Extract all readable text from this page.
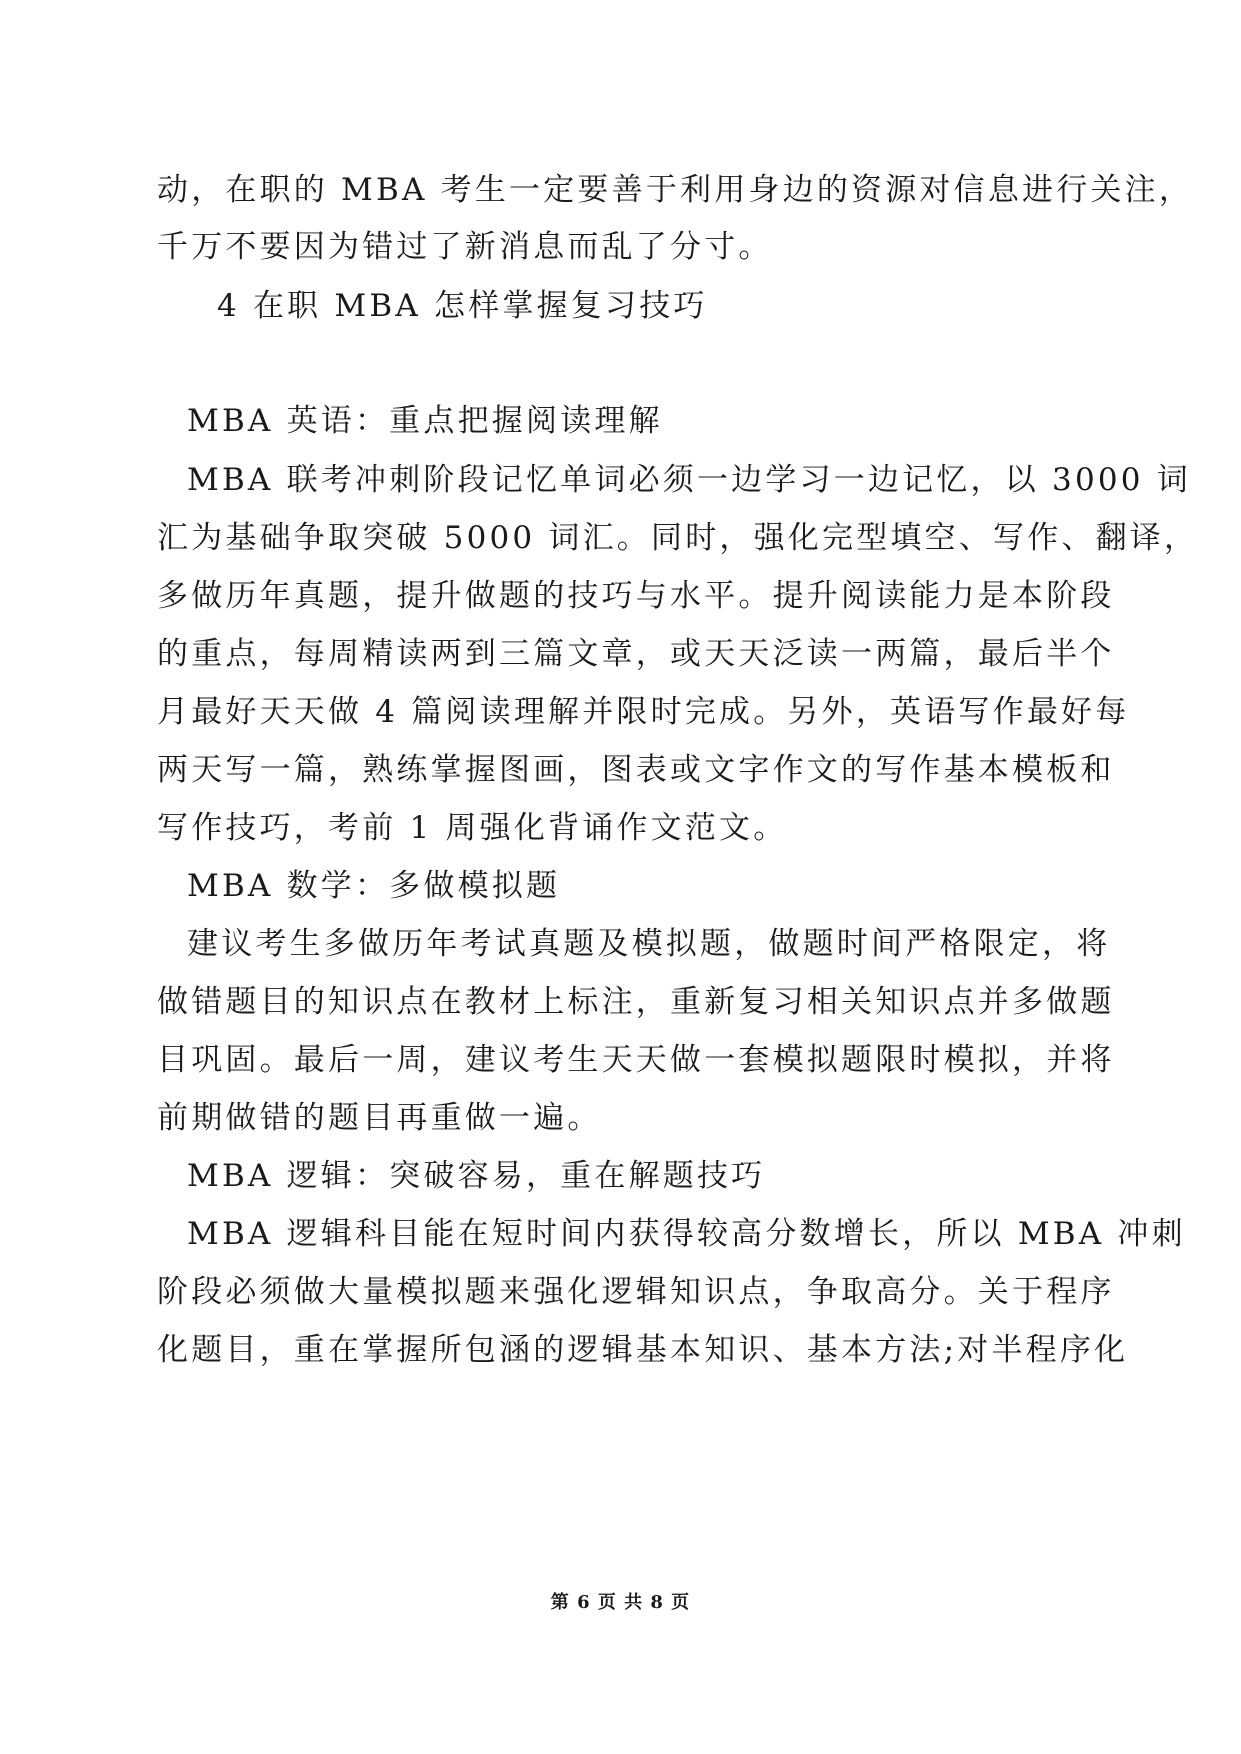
动，在职的 MBA 考生一定要善于利用身边的资源对信息进行关注，
千万不要因为错过了新消息而乱了分寸。
4 在职 MBA 怎样掌握复习技巧
MBA 英语：重点把握阅读理解
MBA 联考冲刺阶段记忆单词必须一边学习一边记忆，以 3000 词
汇为基础争取突破 5000 词汇。同时，强化完型填空、写作、翻译，
多做历年真题，提升做题的技巧与水平。提升阅读能力是本阶段
的重点，每周精读两到三篇文章，或天天泛读一两篇，最后半个
月最好天天做 4 篇阅读理解并限时完成。另外，英语写作最好每
两天写一篇，熟练掌握图画，图表或文字作文的写作基本模板和
写作技巧，考前 1 周强化背诵作文范文。
MBA 数学：多做模拟题
建议考生多做历年考试真题及模拟题，做题时间严格限定，将
做错题目的知识点在教材上标注，重新复习相关知识点并多做题
目巩固。最后一周，建议考生天天做一套模拟题限时模拟，并将
前期做错的题目再重做一遍。
MBA 逻辑：突破容易，重在解题技巧
MBA 逻辑科目能在短时间内获得较高分数增长，所以 MBA 冲刺
阶段必须做大量模拟题来强化逻辑知识点，争取高分。关于程序
化题目，重在掌握所包涵的逻辑基本知识、基本方法;对半程序化
第 6 页 共 8 页
